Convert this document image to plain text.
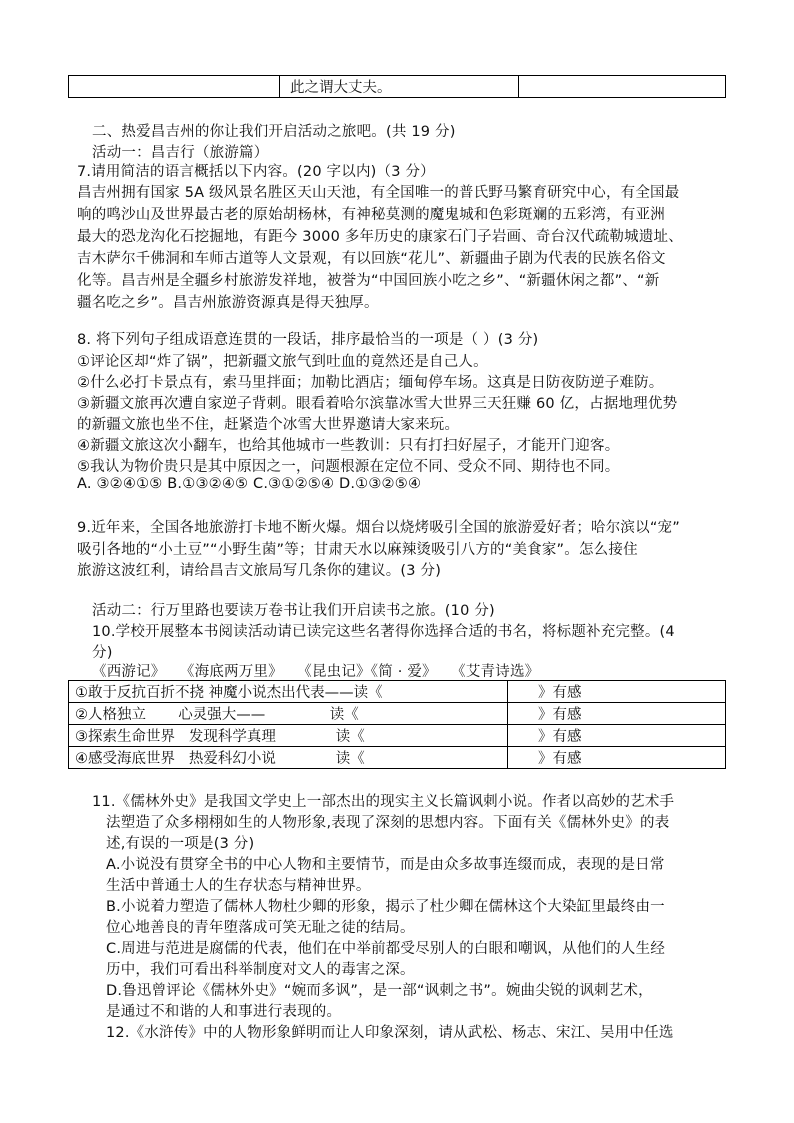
	此之谓大丈夫。	
二、热爱昌吉州的你让我们开启活动之旅吧。(共 19 分)
活动一：昌吉行（旅游篇）
7.请用简洁的语言概括以下内容。(20 字以内)（3 分）
昌吉州拥有国家 5A 级风景名胜区天山天池，有全国唯一的普氏野马繁育研究中心，有全国最
响的鸣沙山及世界最古老的原始胡杨林，有神秘莫测的魔鬼城和色彩斑斓的五彩湾，有亚洲
最大的恐龙沟化石挖掘地，有距今 3000 多年历史的康家石门子岩画、奇台汉代疏勒城遗址、
吉木萨尔千佛洞和车师古道等人文景观，有以回族“花儿”、新疆曲子剧为代表的民族名俗文
化等。昌吉州是全疆乡村旅游发祥地，被誉为“中国回族小吃之乡”、“新疆休闲之都”、“新
疆名吃之乡”。昌吉州旅游资源真是得天独厚。
8. 将下列句子组成语意连贯的一段话，排序最恰当的一项是（ ）(3 分)
①评论区却“炸了锅”，把新疆文旅气到吐血的竟然还是自己人。
②什么必打卡景点有，索马里拌面；加勒比酒店；缅甸停车场。这真是日防夜防逆子难防。
③新疆文旅再次遭自家逆子背刺。眼看着哈尔滨靠冰雪大世界三天狂赚 60 亿，占据地理优势
的新疆文旅也坐不住，赶紧造个冰雪大世界邀请大家来玩。
④新疆文旅这次小翻车，也给其他城市一些教训：只有打扫好屋子，才能开门迎客。
⑤我认为物价贵只是其中原因之一，问题根源在定位不同、受众不同、期待也不同。
A. ③②④①⑤ B.①③②④⑤ C.③①②⑤④ D.①③②⑤④
9.近年来，全国各地旅游打卡地不断火爆。烟台以烧烤吸引全国的旅游爱好者；哈尔滨以“宠”
吸引各地的“小土豆”“小野生菌”等；甘肃天水以麻辣烫吸引八方的“美食家”。怎么接住
旅游这波红利，请给昌吉文旅局写几条你的建议。(3 分)
活动二：行万里路也要读万卷书让我们开启读书之旅。(10 分)
10.学校开展整本书阅读活动请已读完这些名著得你选择合适的书名，将标题补充完整。(4
分)
《西游记》   《海底两万里》   《昆虫记》《简 · 爱》   《艾青诗选》
①敢于反抗百折不挠 神魔小说杰出代表——读《	》有感
②人格独立       心灵强大——              读《	》有感
③探索生命世界   发现科学真理             读《	》有感
④感受海底世界   热爱科幻小说             读《	》有感
11.《儒林外史》是我国文学史上一部杰出的现实主义长篇讽刺小说。作者以高妙的艺术手
法塑造了众多栩栩如生的人物形象,表现了深刻的思想内容。下面有关《儒林外史》的表
述,有误的一项是(3 分)
A.小说没有贯穿全书的中心人物和主要情节，而是由众多故事连缀而成，表现的是日常
生活中普通士人的生存状态与精神世界。
B.小说着力塑造了儒林人物杜少卿的形象，揭示了杜少卿在儒林这个大染缸里最终由一
位心地善良的青年堕落成可笑无耻之徒的结局。
C.周进与范进是腐儒的代表，他们在中举前都受尽别人的白眼和嘲讽，从他们的人生经
历中，我们可看出科举制度对文人的毒害之深。
D.鲁迅曾评论《儒林外史》“婉而多讽”，是一部“讽刺之书”。婉曲尖锐的讽刺艺术，
是通过不和谐的人和事进行表现的。
12.《水浒传》中的人物形象鲜明而让人印象深刻，请从武松、杨志、宋江、吴用中任选
